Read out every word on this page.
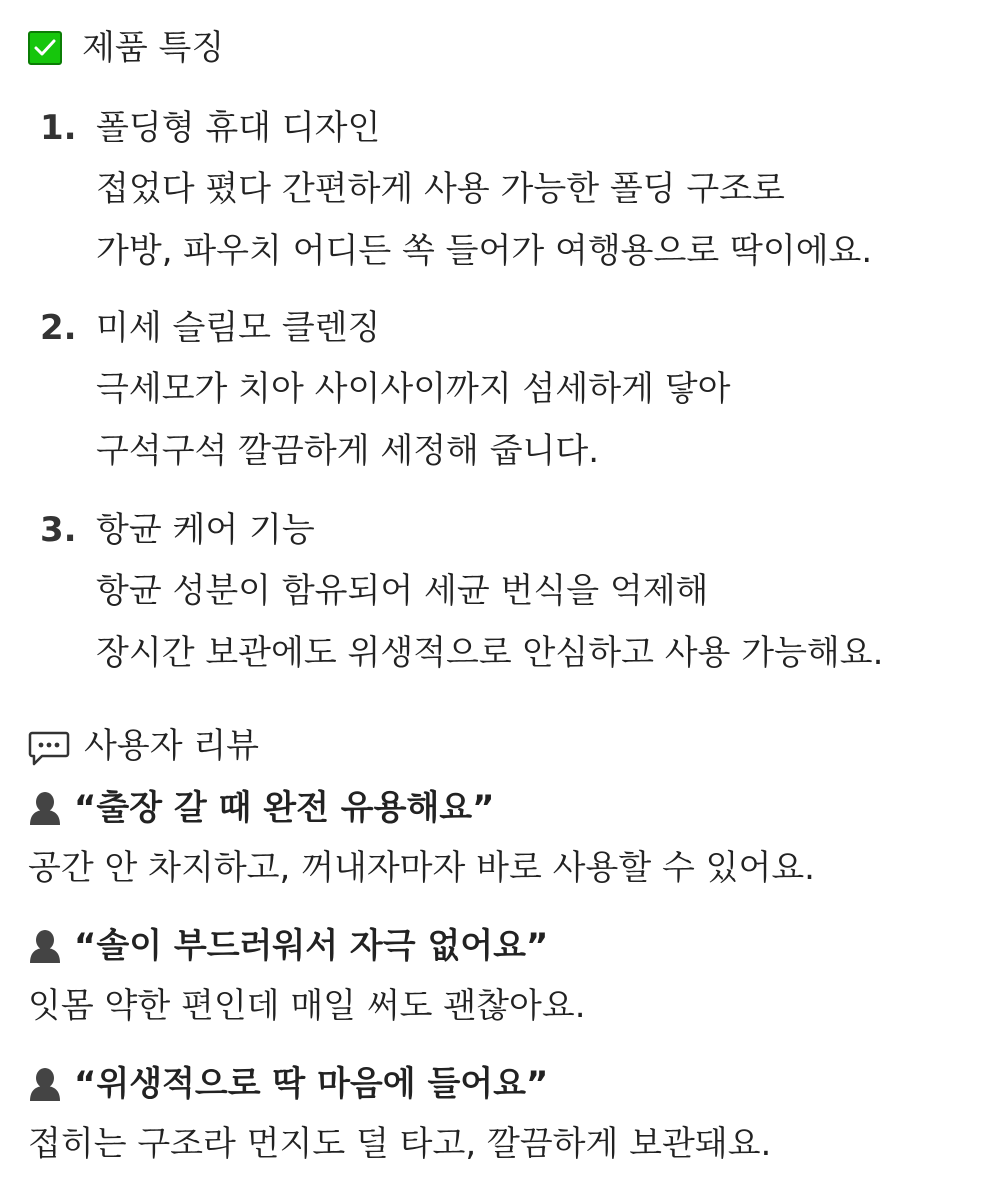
제품 특징
1. 폴딩형 휴대 디자인
접었다 폈다 간편하게 사용 가능한 폴딩 구조로
가방, 파우치 어디든 쏙 들어가 여행용으로 딱이에요.
2. 미세 슬림모 클렌징
극세모가 치아 사이사이까지 섬세하게 닿아
구석구석 깔끔하게 세정해 줍니다.
3. 항균 케어 기능
항균 성분이 함유되어 세균 번식을 억제해
장시간 보관에도 위생적으로 안심하고 사용 가능해요.
사용자 리뷰
“출장 갈 때 완전 유용해요”
공간 안 차지하고, 꺼내자마자 바로 사용할 수 있어요.
“솔이 부드러워서 자극 없어요”
잇몸 약한 편인데 매일 써도 괜찮아요.
“위생적으로 딱 마음에 들어요”
접히는 구조라 먼지도 덜 타고, 깔끔하게 보관돼요.
